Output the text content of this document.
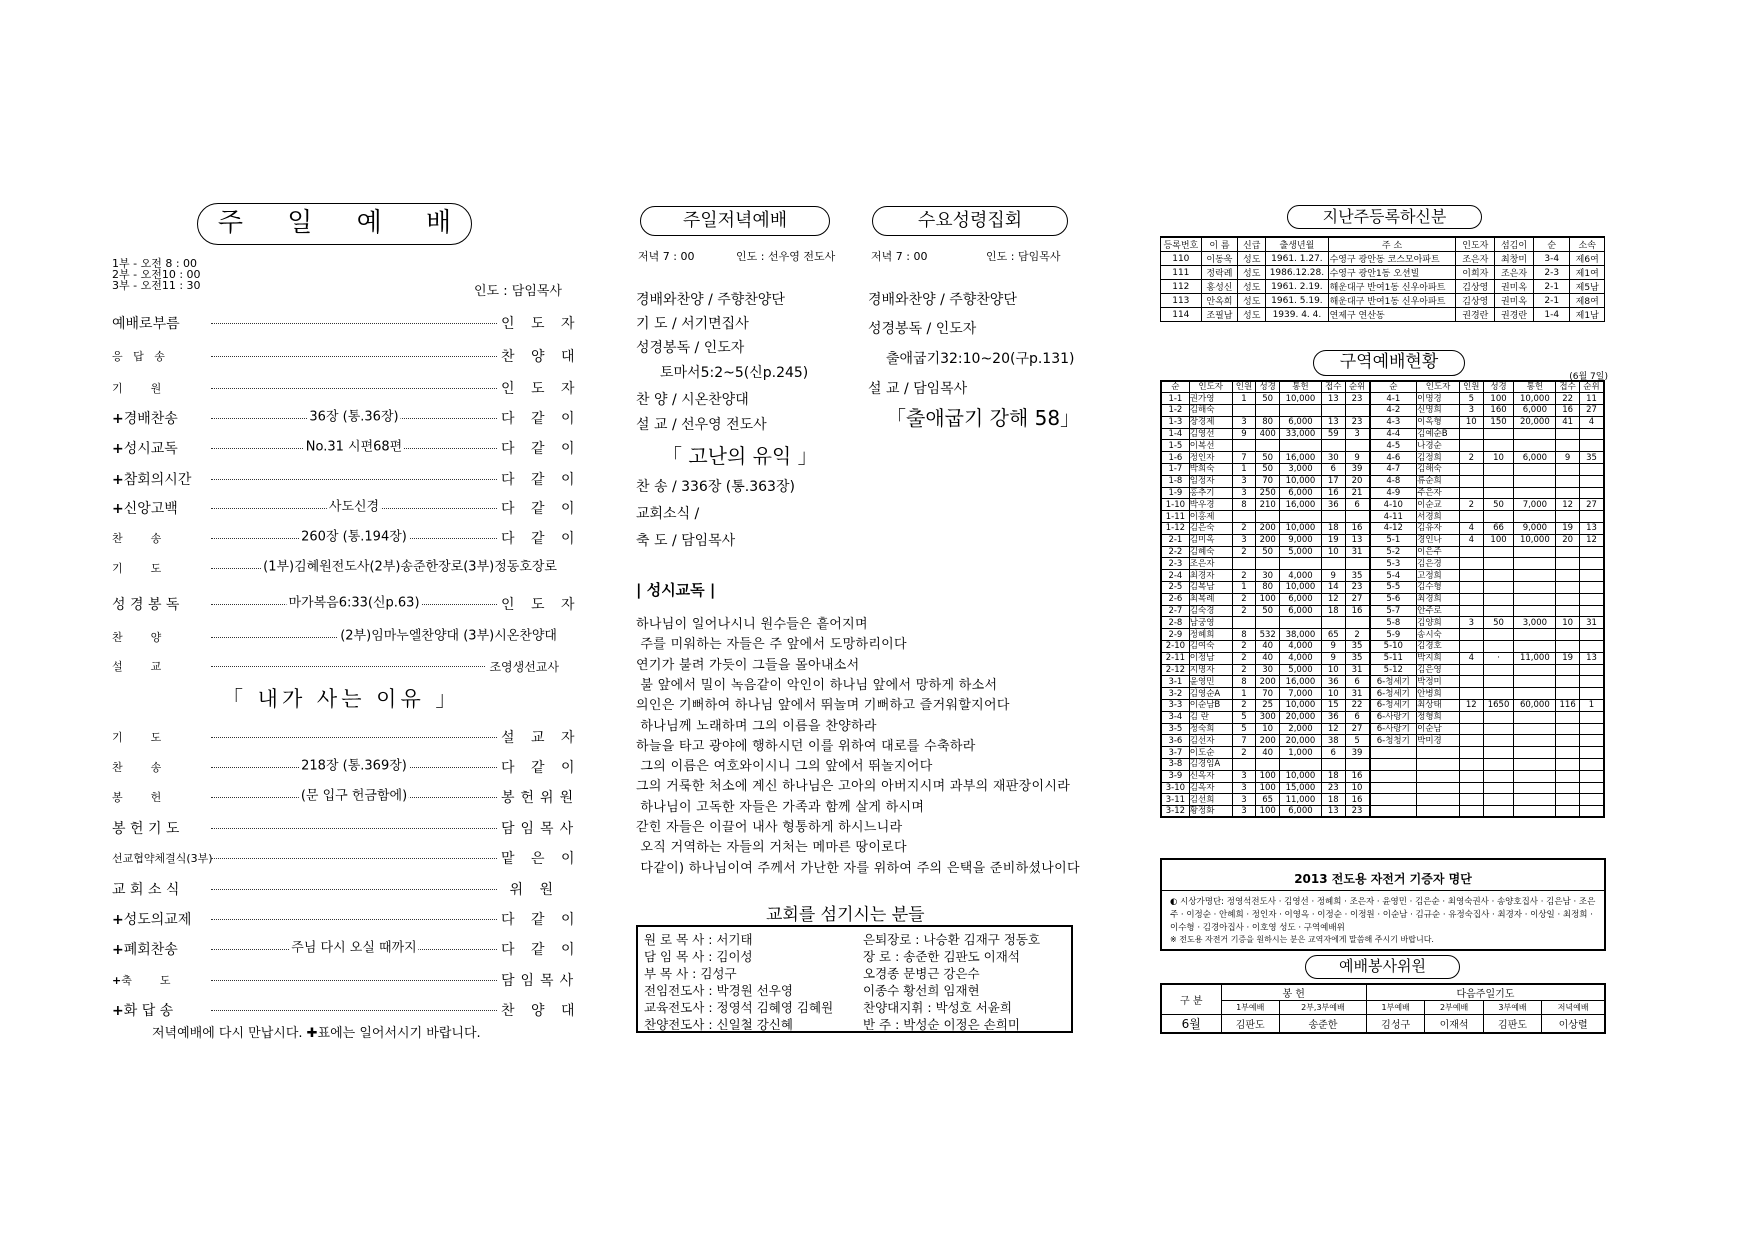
주 일 예 배
1부 - 오전 8 : 00
2부 - 오전10 : 00
3부 - 오전11 : 30	인도 : 담임목사
예배로부름	인 도 자
응   답   송	찬 양 대
기        원	인 도 자
+경배찬송	36장 (통.36장)	다 같 이
+성시교독	No.31 시편68편	다 같 이
+참회의시간	다 같 이
+신앙고백	사도신경	다 같 이
찬        송	260장 (통.194장)	다 같 이
기        도	(1부)김혜원전도사(2부)송준한장로(3부)정동호장로
성 경 봉 독	마가복음6:33(신p.63)	인 도 자
찬        양	(2부)임마누엘찬양대 (3부)시온찬양대
설        교	조영생선교사
기        도	설 교 자
찬        송	218장 (통.369장)	다 같 이
봉        헌	(문 입구 헌금함에)	봉헌위원
봉 헌 기 도	담임목사
선교협약체결식(3부)	맡 은 이
교 회 소 식	위 원
+성도의교제	다 같 이
+폐회찬송	주님 다시 오실 때까지	다 같 이
+축        도	담임목사
+화 답 송	찬 양 대
「 내가 사는 이유 」
저녁예배에 다시 만납시다. ✚표에는 일어서시기 바랍니다.
주일저녁예배	수요성령집회
저녁 7 : 00	인도 : 선우영 전도사	저녁 7 : 00	인도 : 담임목사
경배와찬양 / 주향찬양단
기 도 / 서기면집사
성경봉독 / 인도자
토마서5:2~5(신p.245)
찬 양 / 시온찬양대
설 교 / 선우영 전도사
「 고난의 유익 」
찬 송 / 336장 (통.363장)
교회소식 /
축 도 / 담임목사
경배와찬양 / 주향찬양단
성경봉독 / 인도자
출애굽기32:10~20(구p.131)
설 교 / 담임목사
「출애굽기 강해 58」
| 성시교독 |
하나님이 일어나시니 원수들은 흩어지며
주를 미워하는 자들은 주 앞에서 도망하리이다
연기가 불려 가듯이 그들을 몰아내소서
불 앞에서 밀이 녹음같이 악인이 하나님 앞에서 망하게 하소서
의인은 기뻐하여 하나님 앞에서 뛰놀며 기뻐하고 즐거워할지어다
하나님께 노래하며 그의 이름을 찬양하라
하늘을 타고 광야에 행하시던 이를 위하여 대로를 수축하라
그의 이름은 여호와이시니 그의 앞에서 뛰놀지어다
그의 거룩한 처소에 계신 하나님은 고아의 아버지시며 과부의 재판장이시라
하나님이 고독한 자들은 가족과 함께 살게 하시며
갇힌 자들은 이끌어 내사 형통하게 하시느니라
오직 거역하는 자들의 거처는 메마른 땅이로다
다같이) 하나님이여 주께서 가난한 자를 위하여 주의 은택을 준비하셨나이다
교회를 섬기시는 분들
원 로 목 사 : 서기태
담 임 목 사 : 김이성
부 목 사 : 김성구
전임전도사 : 박경원 선우영
교육전도사 : 정영석 김혜영 김혜원
찬양전도사 : 신일철 강신혜
은퇴장로 : 나승환 김재구 정동호
장 로 : 송준한 김판도 이재석
오경종 문병근 강은수
이종수 황선희 임재현
찬양대지휘 : 박성호 서윤희
반 주 : 박성순 이정은 손희미
지난주등록하신분
등록번호	이 름	신급	출생년월	주 소	인도자	섬김이	순	소속
110	이동욱	성도	1961. 1.27.	수영구 광안동 코스모아파트	조은자	최창미	3-4	제6여
111	정락례	성도	1986.12.28.	수영구 광안1동 오션빌	이희자	조은자	2-3	제1여
112	홍성신	성도	1961. 2.19.	해운대구 반여1동 신우아파트	김상영	권미옥	2-1	제5남
113	안옥희	성도	1961. 5.19.	해운대구 반여1동 신우아파트	김상영	권미옥	2-1	제8여
114	조필남	성도	1939. 4. 4.	연제구 연산동	권경란	권경란	1-4	제1남
구역예배현황
(6월 7일)
순	인도자	인원	성경	통헌	접수	순위	순	인도자	인원	성경	통헌	접수	순위
1-1	권가영	1	50	10,000	13	23	4-1	이명경	5	100	10,000	22	11
1-2	김해숙						4-2	신명희	3	160	6,000	16	27
1-3	장경제	3	80	6,000	13	23	4-3	이옥형	10	150	20,000	41	4
1-4	김영선	9	400	33,000	59	3	4-4	김예순B					
1-5	이복선						4-5	나경순					
1-6	정인자	7	50	16,000	30	9	4-6	김정희	2	10	6,000	9	35
1-7	박희숙	1	50	3,000	6	39	4-7	김해숙					
1-8	임정자	3	70	10,000	17	20	4-8	류순희					
1-9	홍추기	3	250	6,000	16	21	4-9	주은자					
1-10	박우경	8	210	16,000	36	6	4-10	이순교	2	50	7,000	12	27
1-11	이홍제						4-11	서경희					
1-12	김은숙	2	200	10,000	18	16	4-12	김유자	4	66	9,000	19	13
2-1	김미옥	3	200	9,000	19	13	5-1	경인나	4	100	10,000	20	12
2-2	김혜숙	2	50	5,000	10	31	5-2	이은주					
2-3	조은자						5-3	김은경					
2-4	최경자	2	30	4,000	9	35	5-4	고정희					
2-5	김복남	1	80	10,000	14	23	5-5	김수형					
2-6	최복례	2	100	6,000	12	27	5-6	최경희					
2-7	김숙경	2	50	6,000	18	16	5-7	안주로					
2-8	남궁영						5-8	김양희	3	50	3,000	10	31
2-9	정혜희	8	532	38,000	65	2	5-9	송시숙					
2-10	김여숙	2	40	4,000	9	35	5-10	김경호					
2-11	이정남	2	40	4,000	9	35	5-11	박지희	4	·	11,000	19	13
2-12	지명자	2	30	5,000	10	31	5-12	김은영					
3-1	윤영민	8	200	16,000	36	6	6-청세기	박정미					
3-2	김영순A	1	70	7,000	10	31	6-청세기	안병희					
3-3	이순남B	2	25	10,000	15	22	6-청세기	최상태	12	1650	60,000	116	1
3-4	김 란	5	300	20,000	36	6	6-사랑기	정형희					
3-5	정숙희	5	10	2,000	12	27	6-사랑기	이순남					
3-6	김선자	7	200	20,000	38	5	6-청청기	박미경					
3-7	이도순	2	40	1,000	6	39							
3-8	김경임A												
3-9	신옥자	3	100	10,000	18	16							
3-10	김옥자	3	100	15,000	23	10							
3-11	김선희	3	65	11,000	18	16							
3-12	황정화	3	100	6,000	13	23							
2013 전도용 자전거 기증자 명단
◐ 시상가명단: 정영석전도사 · 김영선 · 정혜희 · 조은자 · 윤영민 · 김은순 · 최영숙권사 · 송양호집사 · 김은남 · 조은주 · 이정순 · 안혜희 · 정인자 · 이영옥 · 이정순 · 이정원 · 이순남 · 김규순 · 유정숙집사 · 최경자 · 이상일 · 최정희 · 이수형 · 김경아집사 · 이호영 성도 · 구역예배위
※ 전도용 자전거 기증을 원하시는 분은 교역자에게 말씀해 주시기 바랍니다.
예배봉사위원
구 분	봉 헌		다음주일기도			
	1부예배	2부,3부예배	1부예배	2부예배	3부예배	저녁예배
6월	김판도	송준한	김성구	이재석	김판도	이상렬
